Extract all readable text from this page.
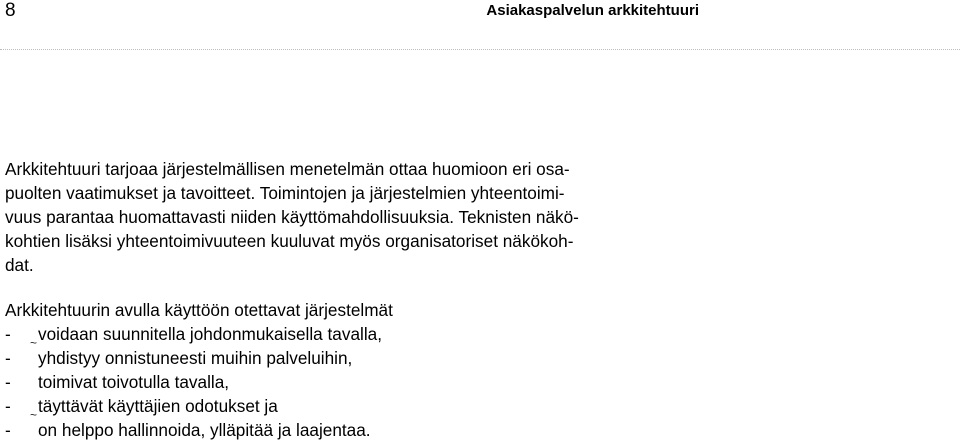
8	Asiakaspalvelun arkkitehtuuri

Arkkitehtuuri tarjoaa järjestelmällisen menetelmän ottaa huomioon eri osa-
puolten vaatimukset ja tavoitteet. Toimintojen ja järjestelmien yhteentoimi-
vuus parantaa huomattavasti niiden käyttömahdollisuuksia. Teknisten näkö-
kohtien lisäksi yhteentoimivuuteen kuuluvat myös organisatoriset näkökoh-
dat.

Arkkitehtuurin avulla käyttöön otettavat järjestelmät

- voidaan suunnitella johdonmukaisella tavalla,
-
~
yhdistyy onnistuneesti muihin palveluihin,
- toimivat toivotulla tavalla,
- täyttävät käyttäjien odotukset ja
-
~
on helppo hallinnoida, ylläpitää ja laajentaa.
